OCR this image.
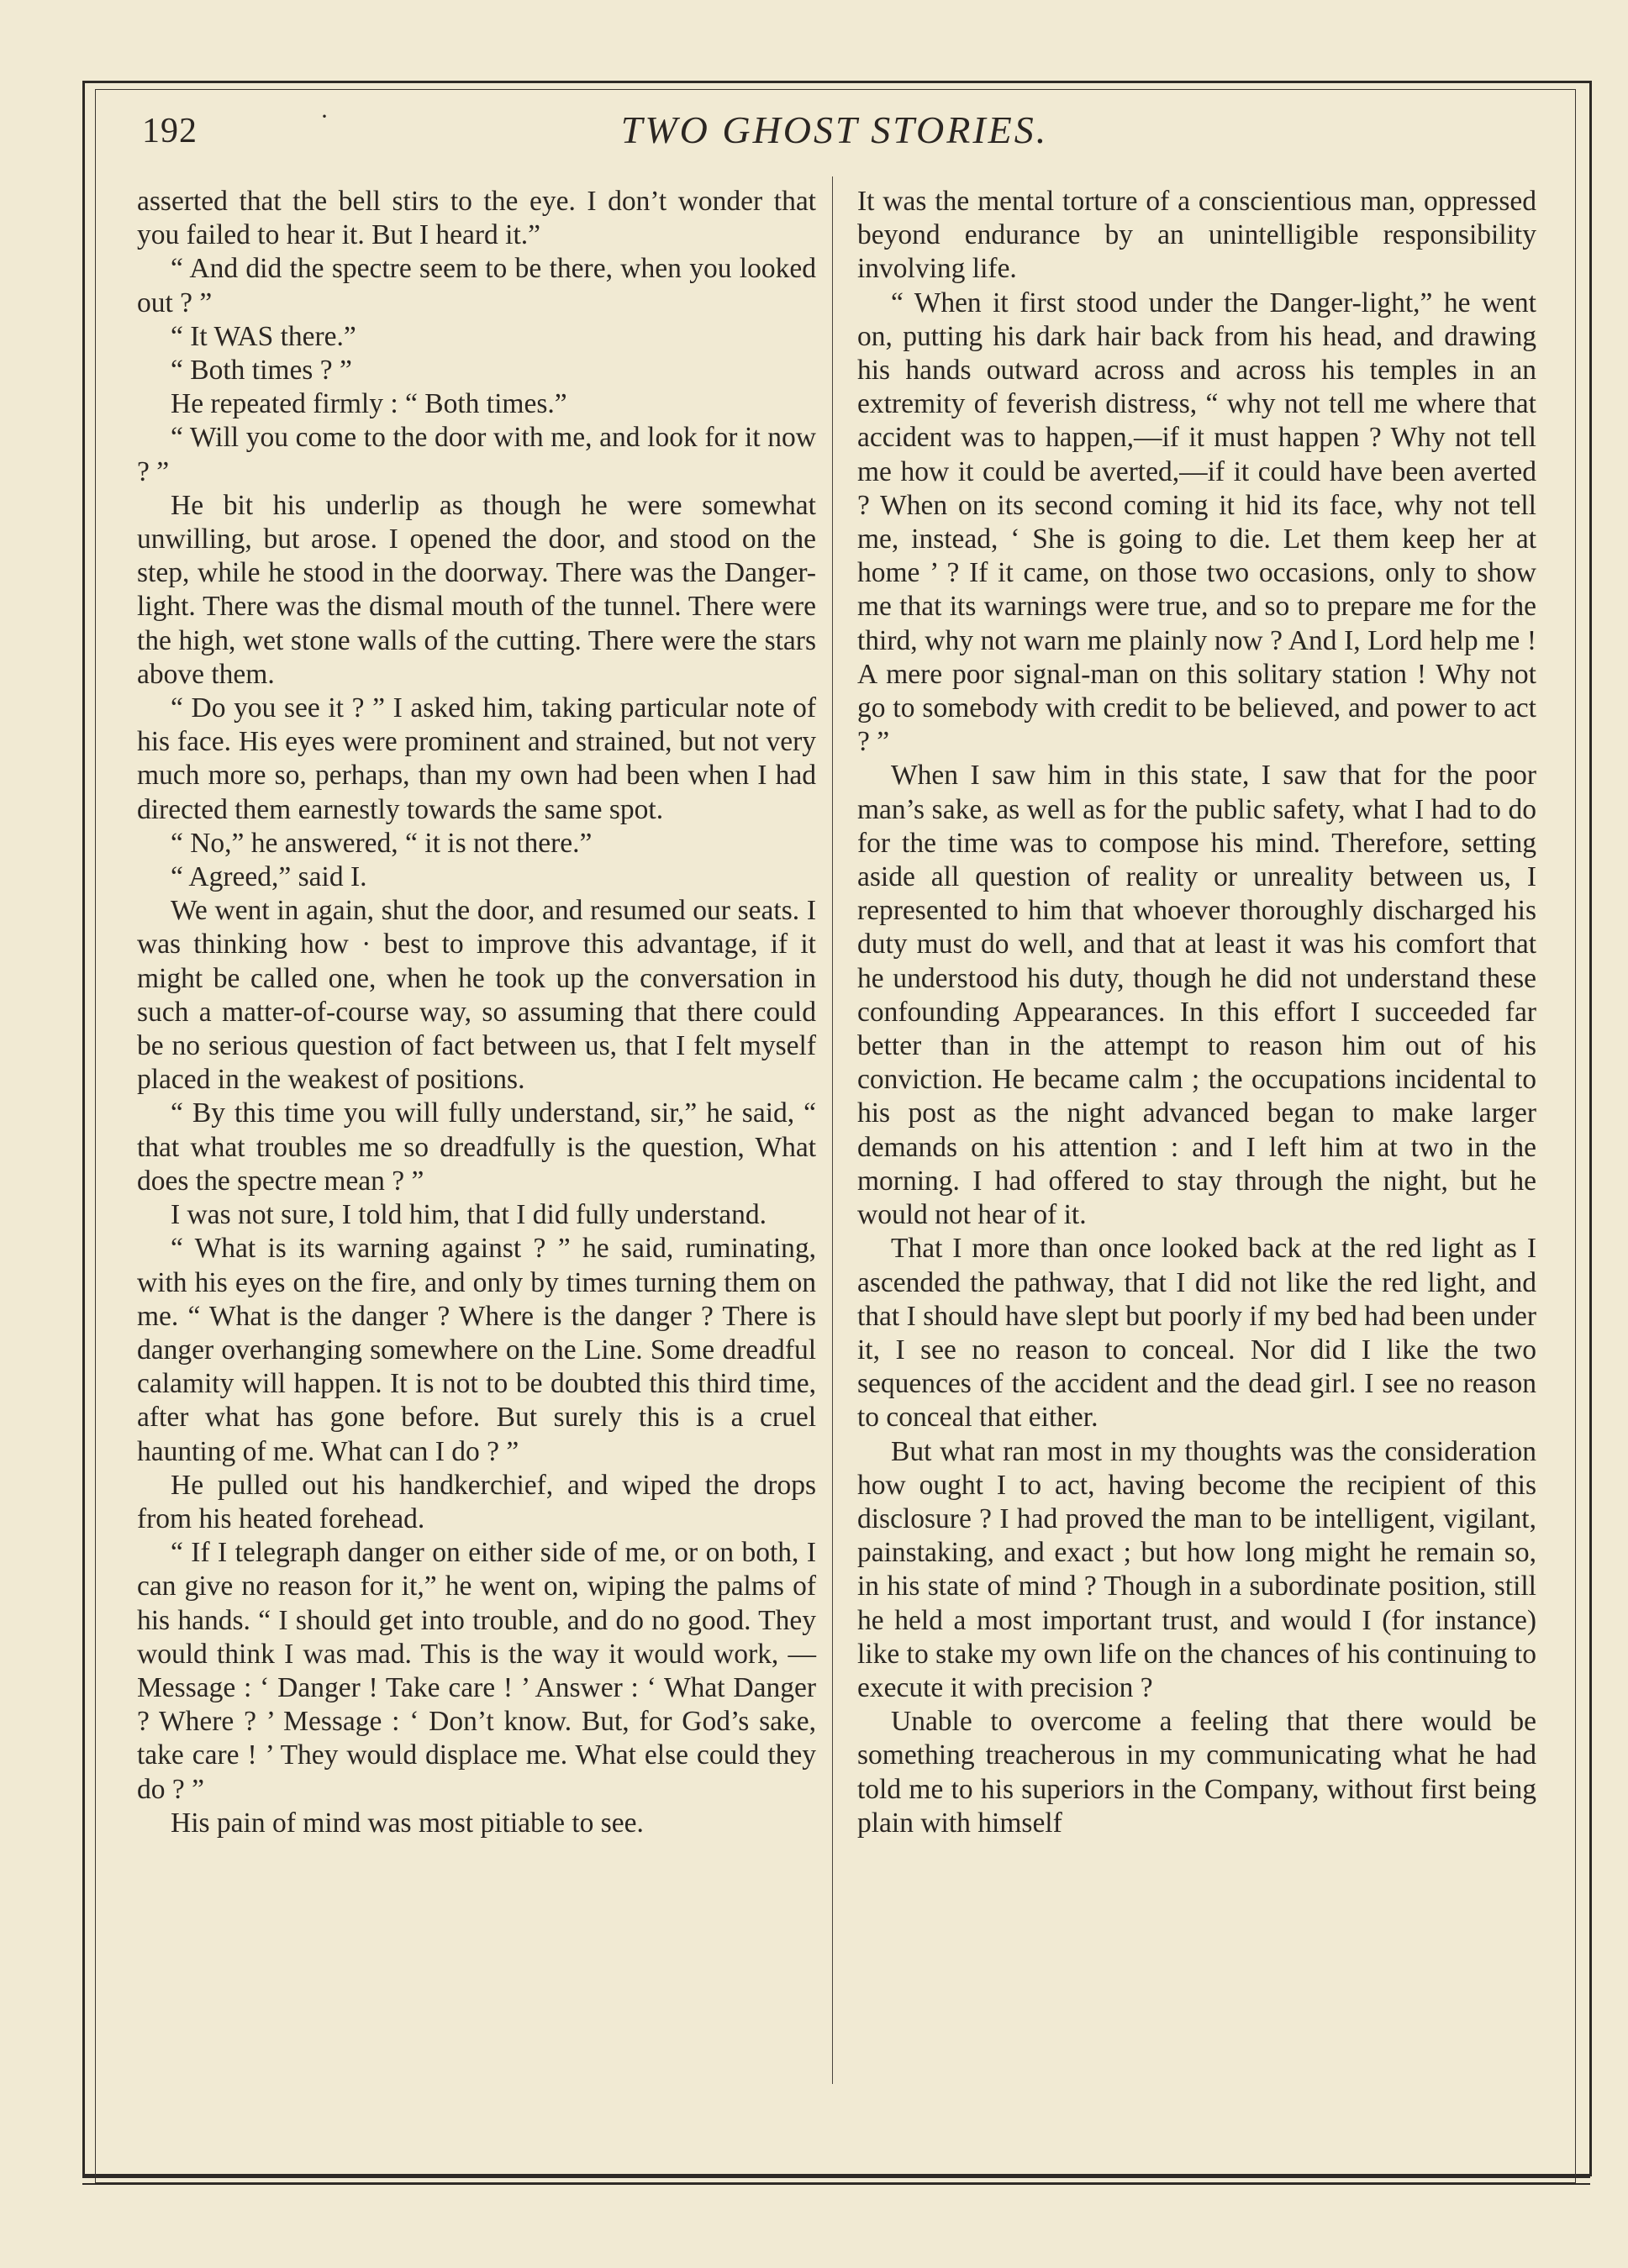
192	·	TWO GHOST STORIES.

asserted that the bell stirs to the eye. I don’t wonder that you failed to hear it. But I heard it.”

“ And did the spectre seem to be there, when you looked out ? ”

“ It WAS there.”

“ Both times ? ”

He repeated firmly : “ Both times.”

“ Will you come to the door with me, and look for it now ? ”

He bit his underlip as though he were somewhat unwilling, but arose. I opened the door, and stood on the step, while he stood in the doorway. There was the Danger-light. There was the dismal mouth of the tunnel. There were the high, wet stone walls of the cutting. There were the stars above them.

“ Do you see it ? ” I asked him, taking particular note of his face. His eyes were prominent and strained, but not very much more so, perhaps, than my own had been when I had directed them earnestly towards the same spot.

“ No,” he answered, “ it is not there.”

“ Agreed,” said I.

We went in again, shut the door, and resumed our seats. I was thinking how · best to improve this advantage, if it might be called one, when he took up the conversation in such a matter-of-course way, so assuming that there could be no serious question of fact between us, that I felt myself placed in the weakest of positions.

“ By this time you will fully understand, sir,” he said, “ that what troubles me so dreadfully is the question, What does the spectre mean ? ”

I was not sure, I told him, that I did fully understand.

“ What is its warning against ? ” he said, ruminating, with his eyes on the fire, and only by times turning them on me. “ What is the danger ? Where is the danger ? There is danger overhanging somewhere on the Line. Some dreadful calamity will happen. It is not to be doubted this third time, after what has gone before. But surely this is a cruel haunting of me. What can I do ? ”

He pulled out his handkerchief, and wiped the drops from his heated forehead.

“ If I telegraph danger on either side of me, or on both, I can give no reason for it,” he went on, wiping the palms of his hands. “ I should get into trouble, and do no good. They would think I was mad. This is the way it would work, —Message : ‘ Danger ! Take care ! ’ Answer : ‘ What Danger ? Where ? ’ Message : ‘ Don’t know. But, for God’s sake, take care ! ’ They would displace me. What else could they do ? ”

His pain of mind was most pitiable to see.

It was the mental torture of a conscientious man, oppressed beyond endurance by an unintelligible responsibility involving life.

“ When it first stood under the Danger-light,” he went on, putting his dark hair back from his head, and drawing his hands outward across and across his temples in an extremity of feverish distress, “ why not tell me where that accident was to happen,—if it must happen ? Why not tell me how it could be averted,—if it could have been averted ? When on its second coming it hid its face, why not tell me, instead, ‘ She is going to die. Let them keep her at home ’ ? If it came, on those two occasions, only to show me that its warnings were true, and so to prepare me for the third, why not warn me plainly now ? And I, Lord help me ! A mere poor signal-man on this solitary station ! Why not go to somebody with credit to be believed, and power to act ? ”

When I saw him in this state, I saw that for the poor man’s sake, as well as for the public safety, what I had to do for the time was to compose his mind. Therefore, setting aside all question of reality or unreality between us, I represented to him that whoever thoroughly discharged his duty must do well, and that at least it was his comfort that he understood his duty, though he did not understand these confounding Appearances. In this effort I succeeded far better than in the attempt to reason him out of his conviction. He became calm ; the occupations incidental to his post as the night advanced began to make larger demands on his attention : and I left him at two in the morning. I had offered to stay through the night, but he would not hear of it.

That I more than once looked back at the red light as I ascended the pathway, that I did not like the red light, and that I should have slept but poorly if my bed had been under it, I see no reason to conceal. Nor did I like the two sequences of the accident and the dead girl. I see no reason to conceal that either.

But what ran most in my thoughts was the consideration how ought I to act, having become the recipient of this disclosure ? I had proved the man to be intelligent, vigilant, painstaking, and exact ; but how long might he remain so, in his state of mind ? Though in a subordinate position, still he held a most important trust, and would I (for instance) like to stake my own life on the chances of his continuing to execute it with precision ?

Unable to overcome a feeling that there would be something treacherous in my communicating what he had told me to his superiors in the Company, without first being plain with himself
